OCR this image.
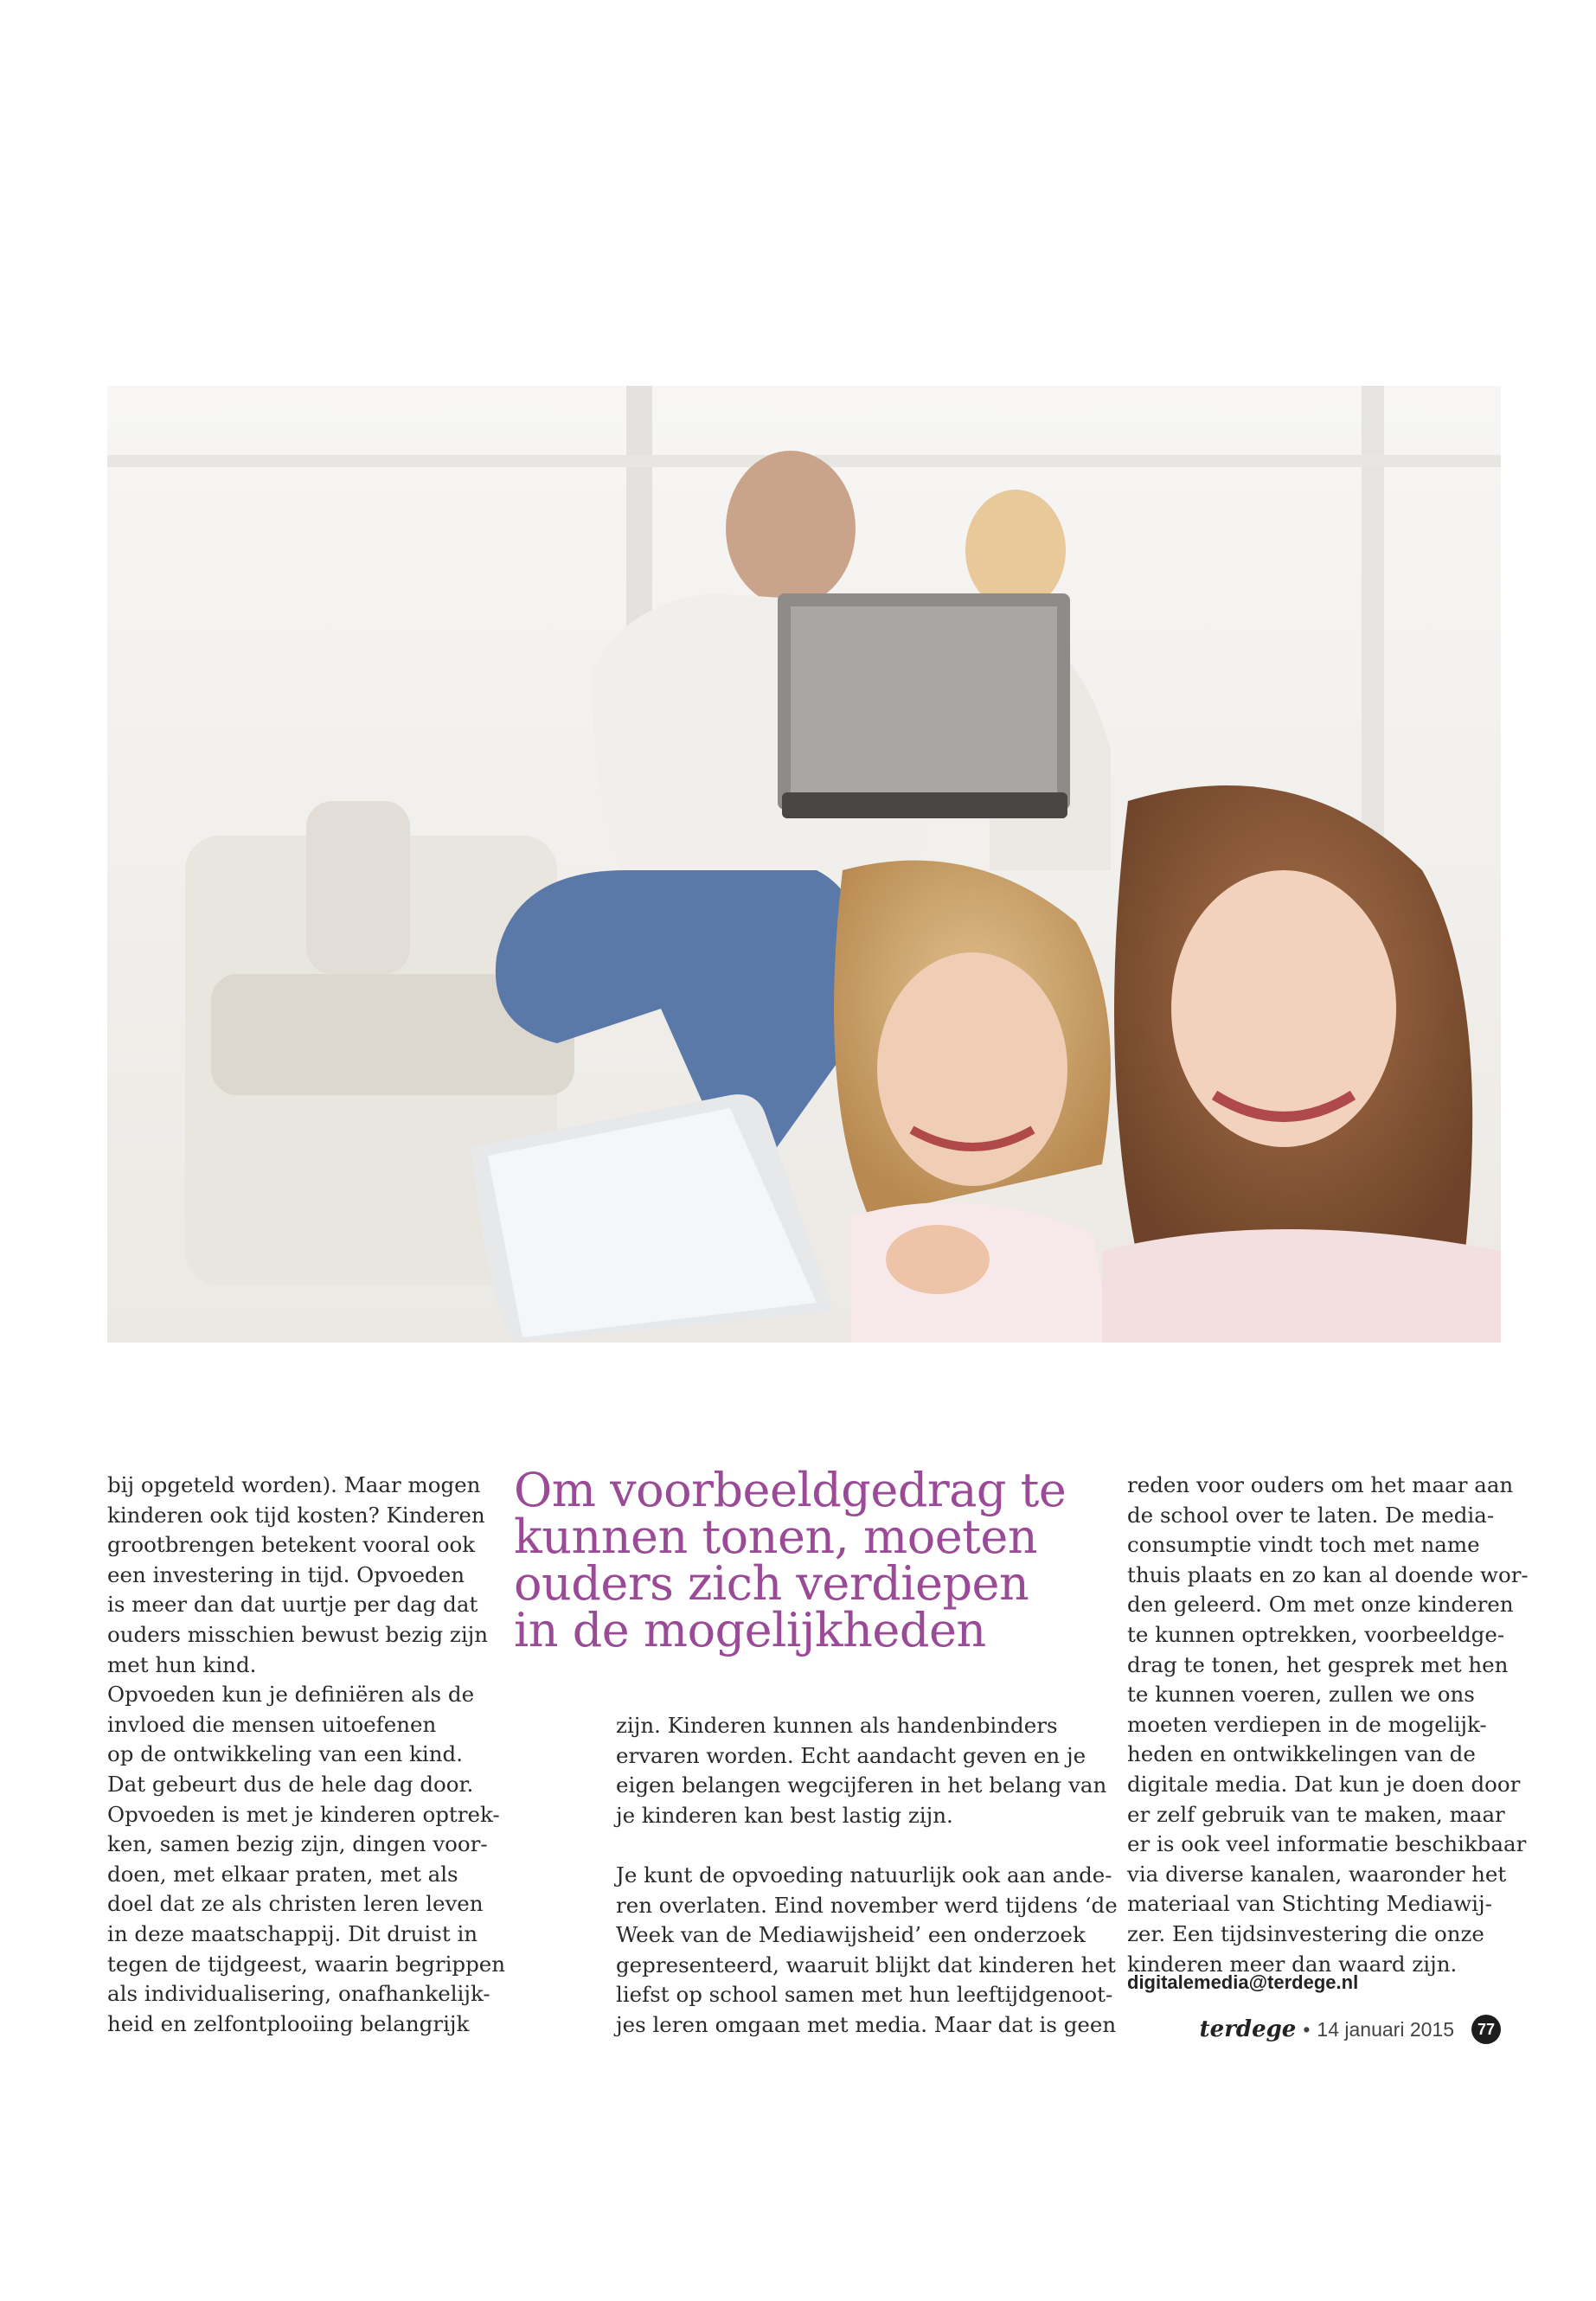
bij opgeteld worden). Maar mogen

kinderen ook tijd kosten? Kinderen

grootbrengen betekent vooral ook

een investering in tijd. Opvoeden

is meer dan dat uurtje per dag dat

ouders misschien bewust bezig zijn

met hun kind.

Opvoeden kun je definiëren als de

invloed die mensen uitoefenen

op de ontwikkeling van een kind.

Dat gebeurt dus de hele dag door.

Opvoeden is met je kinderen optrek-

ken, samen bezig zijn, dingen voor-

doen, met elkaar praten, met als

doel dat ze als christen leren leven

in deze maatschappij. Dit druist in

tegen de tijdgeest, waarin begrippen

als individualisering, onafhankelijk-

heid en zelfontplooiing belangrijk

Om voorbeeldgedrag te

kunnen tonen, moeten

ouders zich verdiepen

in de mogelijkheden

zijn. Kinderen kunnen als handenbinders

ervaren worden. Echt aandacht geven en je

eigen belangen wegcijferen in het belang van

je kinderen kan best lastig zijn.

Je kunt de opvoeding natuurlijk ook aan ande-

ren overlaten. Eind november werd tijdens ‘de

Week van de Mediawijsheid’ een onderzoek

gepresenteerd, waaruit blijkt dat kinderen het

liefst op school samen met hun leeftijdgenoot-

jes leren omgaan met media. Maar dat is geen

reden voor ouders om het maar aan

de school over te laten. De media-

consumptie vindt toch met name

thuis plaats en zo kan al doende wor-

den geleerd. Om met onze kinderen

te kunnen optrekken, voorbeeldge-

drag te tonen, het gesprek met hen

te kunnen voeren, zullen we ons

moeten verdiepen in de mogelijk-

heden en ontwikkelingen van de

digitale media. Dat kun je doen door

er zelf gebruik van te maken, maar

er is ook veel informatie beschikbaar

via diverse kanalen, waaronder het

materiaal van Stichting Mediawij-

zer. Een tijdsinvestering die onze

kinderen meer dan waard zijn.

digitalemedia@terdege.nl
terdege • 14 januari 2015	77
